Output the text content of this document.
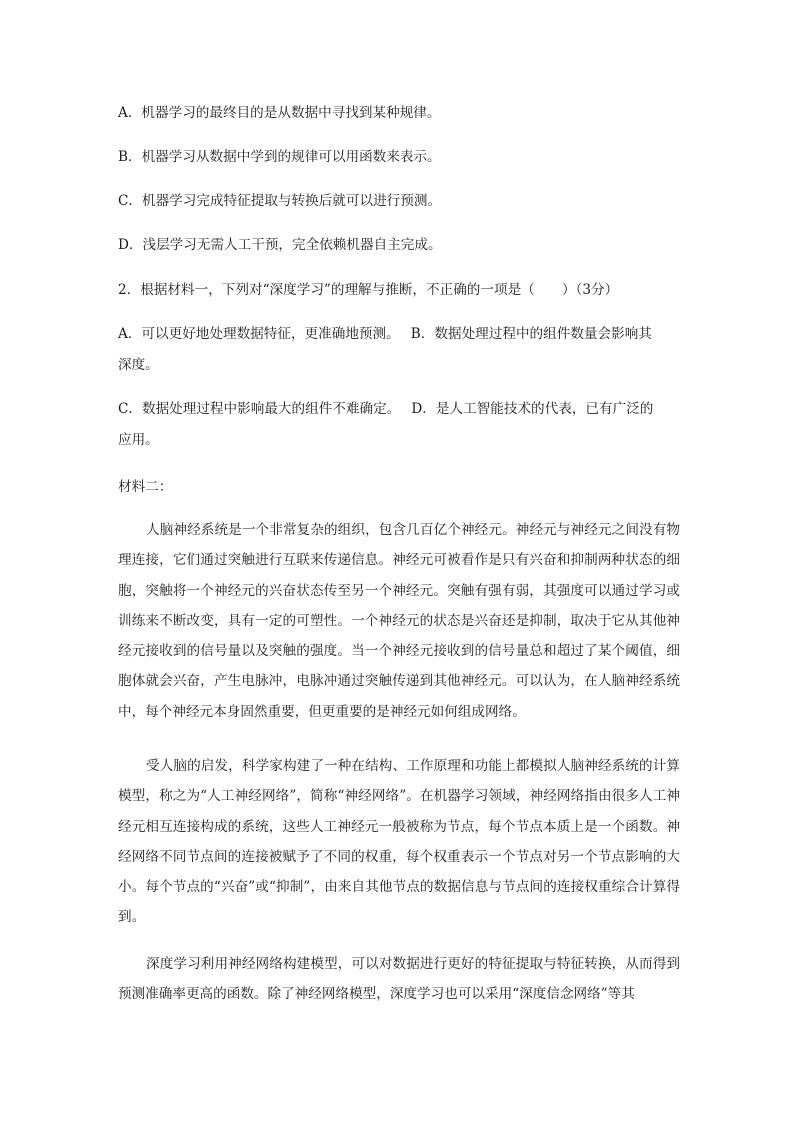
A．机器学习的最终目的是从数据中寻找到某种规律。
B．机器学习从数据中学到的规律可以用函数来表示。
C．机器学习完成特征提取与转换后就可以进行预测。
D．浅层学习无需人工干预，完全依赖机器自主完成。
2．根据材料一，下列对“深度学习”的理解与推断，不正确的一项是（　　）（3分）
A．可以更好地处理数据特征，更准确地预测。　 B．数据处理过程中的组件数量会影响其
深度。
C．数据处理过程中影响最大的组件不难确定。　 D．是人工智能技术的代表，已有广泛的
应用。
材料二：
人脑神经系统是一个非常复杂的组织，包含几百亿个神经元。神经元与神经元之间没有物理连接，它们通过突触进行互联来传递信息。神经元可被看作是只有兴奋和抑制两种状态的细胞，突触将一个神经元的兴奋状态传至另一个神经元。突触有强有弱，其强度可以通过学习或训练来不断改变，具有一定的可塑性。一个神经元的状态是兴奋还是抑制，取决于它从其他神经元接收到的信号量以及突触的强度。当一个神经元接收到的信号量总和超过了某个阈值，细胞体就会兴奋，产生电脉冲，电脉冲通过突触传递到其他神经元。可以认为，在人脑神经系统中，每个神经元本身固然重要，但更重要的是神经元如何组成网络。
受人脑的启发，科学家构建了一种在结构、工作原理和功能上都模拟人脑神经系统的计算模型，称之为“人工神经网络”，简称“神经网络”。在机器学习领域，神经网络指由很多人工神经元相互连接构成的系统，这些人工神经元一般被称为节点，每个节点本质上是一个函数。神经网络不同节点间的连接被赋予了不同的权重，每个权重表示一个节点对另一个节点影响的大小。每个节点的“兴奋”或“抑制”，由来自其他节点的数据信息与节点间的连接权重综合计算得到。
深度学习利用神经网络构建模型，可以对数据进行更好的特征提取与特征转换，从而得到预测准确率更高的函数。除了神经网络模型，深度学习也可以采用“深度信念网络”等其
